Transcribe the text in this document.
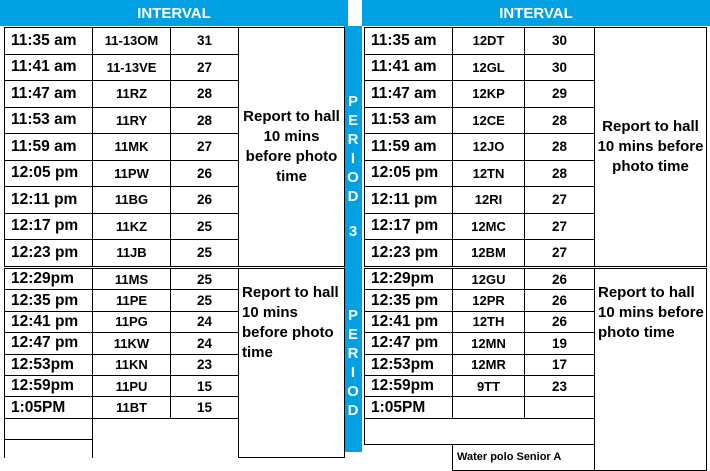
INTERVAL	INTERVAL
P
E
R
I
O
D
3
P
E
R
I
O
D
11:35 am	11-13OM	31	Report to hall 10 mins before photo time
11:41 am	11-13VE	27	
11:47 am	11RZ	28	
11:53 am	11RY	28	
11:59 am	11MK	27	
12:05 pm	11PW	26	
12:11 pm	11BG	26	
12:17 pm	11KZ	25	
12:23 pm	11JB	25	
11:35 am	12DT	30	Report to hall 10 mins before photo time
11:41 am	12GL	30	
11:47 am	12KP	29	
11:53 am	12CE	28	
11:59 am	12JO	28	
12:05 pm	12TN	28	
12:11 pm	12RI	27	
12:17 pm	12MC	27	
12:23 pm	12BM	27	
12:29pm	11MS	25	Report to hall 10 mins before photo time
12:35 pm	11PE	25	
12:41 pm	11PG	24	
12:47 pm	11KW	24	
12:53pm	11KN	23	
12:59pm	11PU	15	
1:05PM	11BT	15	

12:29pm	12GU	26	Report to hall 10 mins before photo time
12:35 pm	12PR	26	
12:41 pm	12TH	26	
12:47 pm	12MN	19	
12:53pm	12MR	17	
12:59pm	9TT	23	
1:05PM			

	Water polo Senior A		
